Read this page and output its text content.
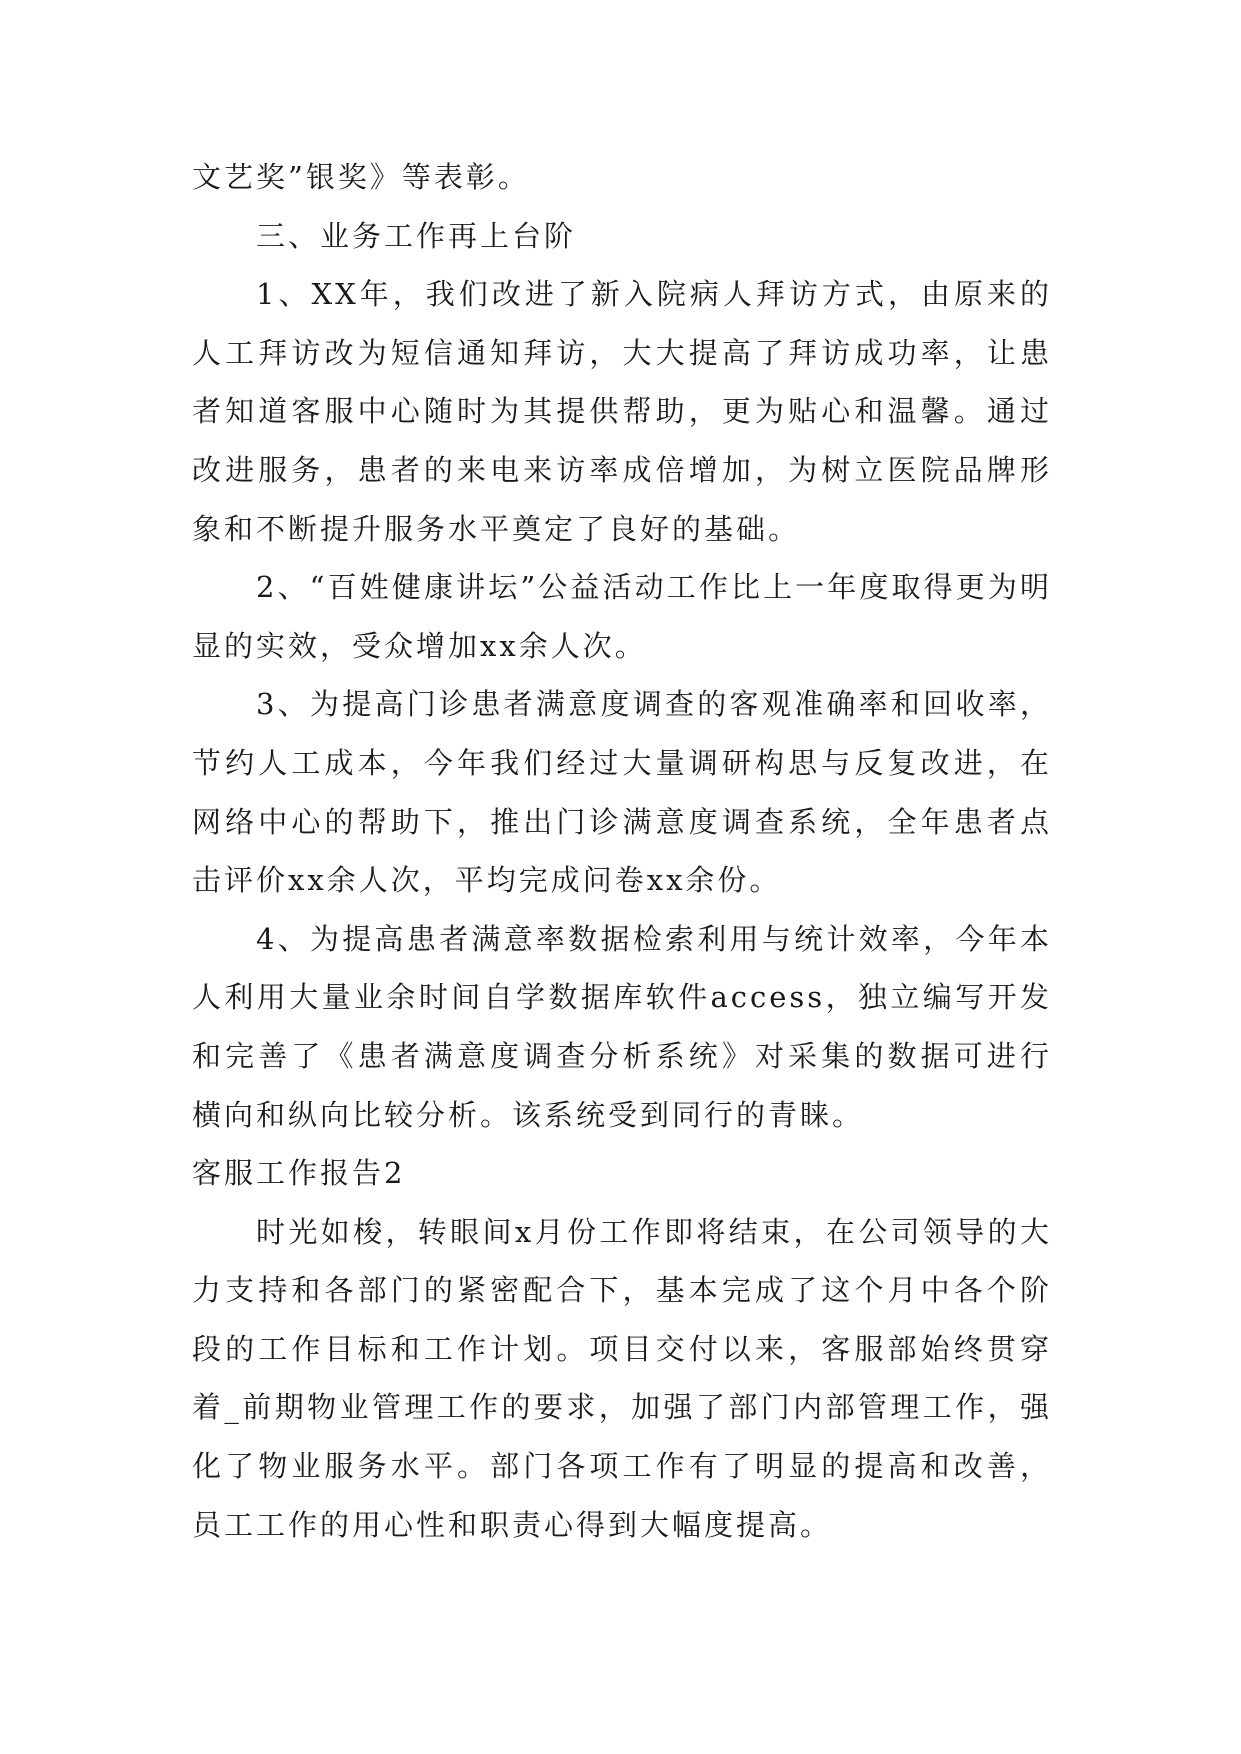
文艺奖”银奖》等表彰。

三、业务工作再上台阶

1、XX年，我们改进了新入院病人拜访方式，由原来的人工拜访改为短信通知拜访，大大提高了拜访成功率，让患者知道客服中心随时为其提供帮助，更为贴心和温馨。通过改进服务，患者的来电来访率成倍增加，为树立医院品牌形象和不断提升服务水平奠定了良好的基础。

2、“百姓健康讲坛”公益活动工作比上一年度取得更为明显的实效，受众增加xx余人次。

3、为提高门诊患者满意度调查的客观准确率和回收率，节约人工成本，今年我们经过大量调研构思与反复改进，在网络中心的帮助下，推出门诊满意度调查系统，全年患者点击评价xx余人次，平均完成问卷xx余份。

4、为提高患者满意率数据检索利用与统计效率，今年本人利用大量业余时间自学数据库软件access，独立编写开发和完善了《患者满意度调查分析系统》对采集的数据可进行横向和纵向比较分析。该系统受到同行的青睐。

客服工作报告2

时光如梭，转眼间x月份工作即将结束，在公司领导的大力支持和各部门的紧密配合下，基本完成了这个月中各个阶段的工作目标和工作计划。项目交付以来，客服部始终贯穿着_前期物业管理工作的要求，加强了部门内部管理工作，强化了物业服务水平。部门各项工作有了明显的提高和改善，员工工作的用心性和职责心得到大幅度提高。
